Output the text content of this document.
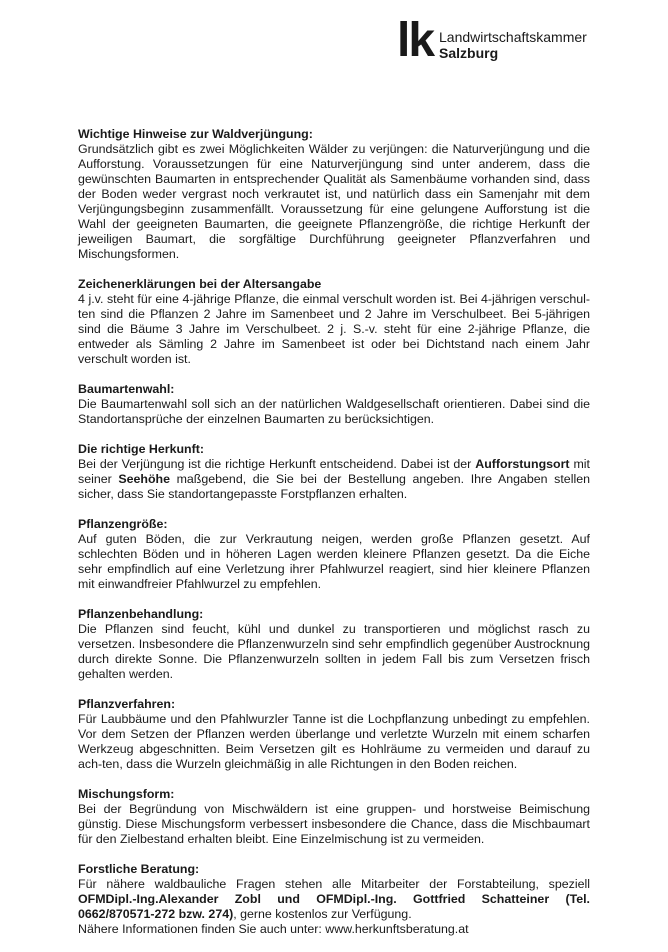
lk Landwirtschaftskammer
Salzburg
Wichtige Hinweise zur Waldverjüngung:

Grundsätzlich gibt es zwei Möglichkeiten Wälder zu verjüngen: die Naturverjüngung und die Aufforstung. Voraussetzungen für eine Naturverjüngung sind unter anderem, dass die gewünschten Baumarten in entsprechender Qualität als Samenbäume vorhanden sind, dass der Boden weder vergrast noch verkrautet ist, und natürlich dass ein Samenjahr mit dem Verjüngungsbeginn zusammenfällt. Voraussetzung für eine gelungene Aufforstung ist die Wahl der geeigneten Baumarten, die geeignete Pflanzengröße, die richtige Herkunft der jeweiligen Baumart, die sorgfältige Durchführung geeigneter Pflanzverfahren und Mischungsformen.

Zeichenerklärungen bei der Altersangabe

4 j.v. steht für eine 4-jährige Pflanze, die einmal verschult worden ist. Bei 4-jährigen verschul-ten sind die Pflanzen 2 Jahre im Samenbeet und 2 Jahre im Verschulbeet. Bei 5-jährigen sind die Bäume 3 Jahre im Verschulbeet. 2 j. S.-v. steht für eine 2-jährige Pflanze, die entweder als Sämling 2 Jahre im Samenbeet ist oder bei Dichtstand nach einem Jahr verschult worden ist.

Baumartenwahl:

Die Baumartenwahl soll sich an der natürlichen Waldgesellschaft orientieren. Dabei sind die Standortansprüche der einzelnen Baumarten zu berücksichtigen.

Die richtige Herkunft:

Bei der Verjüngung ist die richtige Herkunft entscheidend. Dabei ist der Aufforstungsort mit seiner Seehöhe maßgebend, die Sie bei der Bestellung angeben. Ihre Angaben stellen sicher, dass Sie standortangepasste Forstpflanzen erhalten.

Pflanzengröße:

Auf guten Böden, die zur Verkrautung neigen, werden große Pflanzen gesetzt. Auf schlechten Böden und in höheren Lagen werden kleinere Pflanzen gesetzt. Da die Eiche sehr empfindlich auf eine Verletzung ihrer Pfahlwurzel reagiert, sind hier kleinere Pflanzen mit einwandfreier Pfahlwurzel zu empfehlen.

Pflanzenbehandlung:

Die Pflanzen sind feucht, kühl und dunkel zu transportieren und möglichst rasch zu versetzen. Insbesondere die Pflanzenwurzeln sind sehr empfindlich gegenüber Austrocknung durch direkte Sonne. Die Pflanzenwurzeln sollten in jedem Fall bis zum Versetzen frisch gehalten werden.

Pflanzverfahren:

Für Laubbäume und den Pfahlwurzler Tanne ist die Lochpflanzung unbedingt zu empfehlen. Vor dem Setzen der Pflanzen werden überlange und verletzte Wurzeln mit einem scharfen Werkzeug abgeschnitten. Beim Versetzen gilt es Hohlräume zu vermeiden und darauf zu ach-ten, dass die Wurzeln gleichmäßig in alle Richtungen in den Boden reichen.

Mischungsform:

Bei der Begründung von Mischwäldern ist eine gruppen- und horstweise Beimischung günstig. Diese Mischungsform verbessert insbesondere die Chance, dass die Mischbaumart für den Zielbestand erhalten bleibt. Eine Einzelmischung ist zu vermeiden.

Forstliche Beratung:

Für nähere waldbauliche Fragen stehen alle Mitarbeiter der Forstabteilung, speziell OFMDipl.-Ing.Alexander Zobl und OFMDipl.-Ing. Gottfried Schatteiner (Tel. 0662/870571-272 bzw. 274), gerne kostenlos zur Verfügung.

Nähere Informationen finden Sie auch unter: www.herkunftsberatung.at
